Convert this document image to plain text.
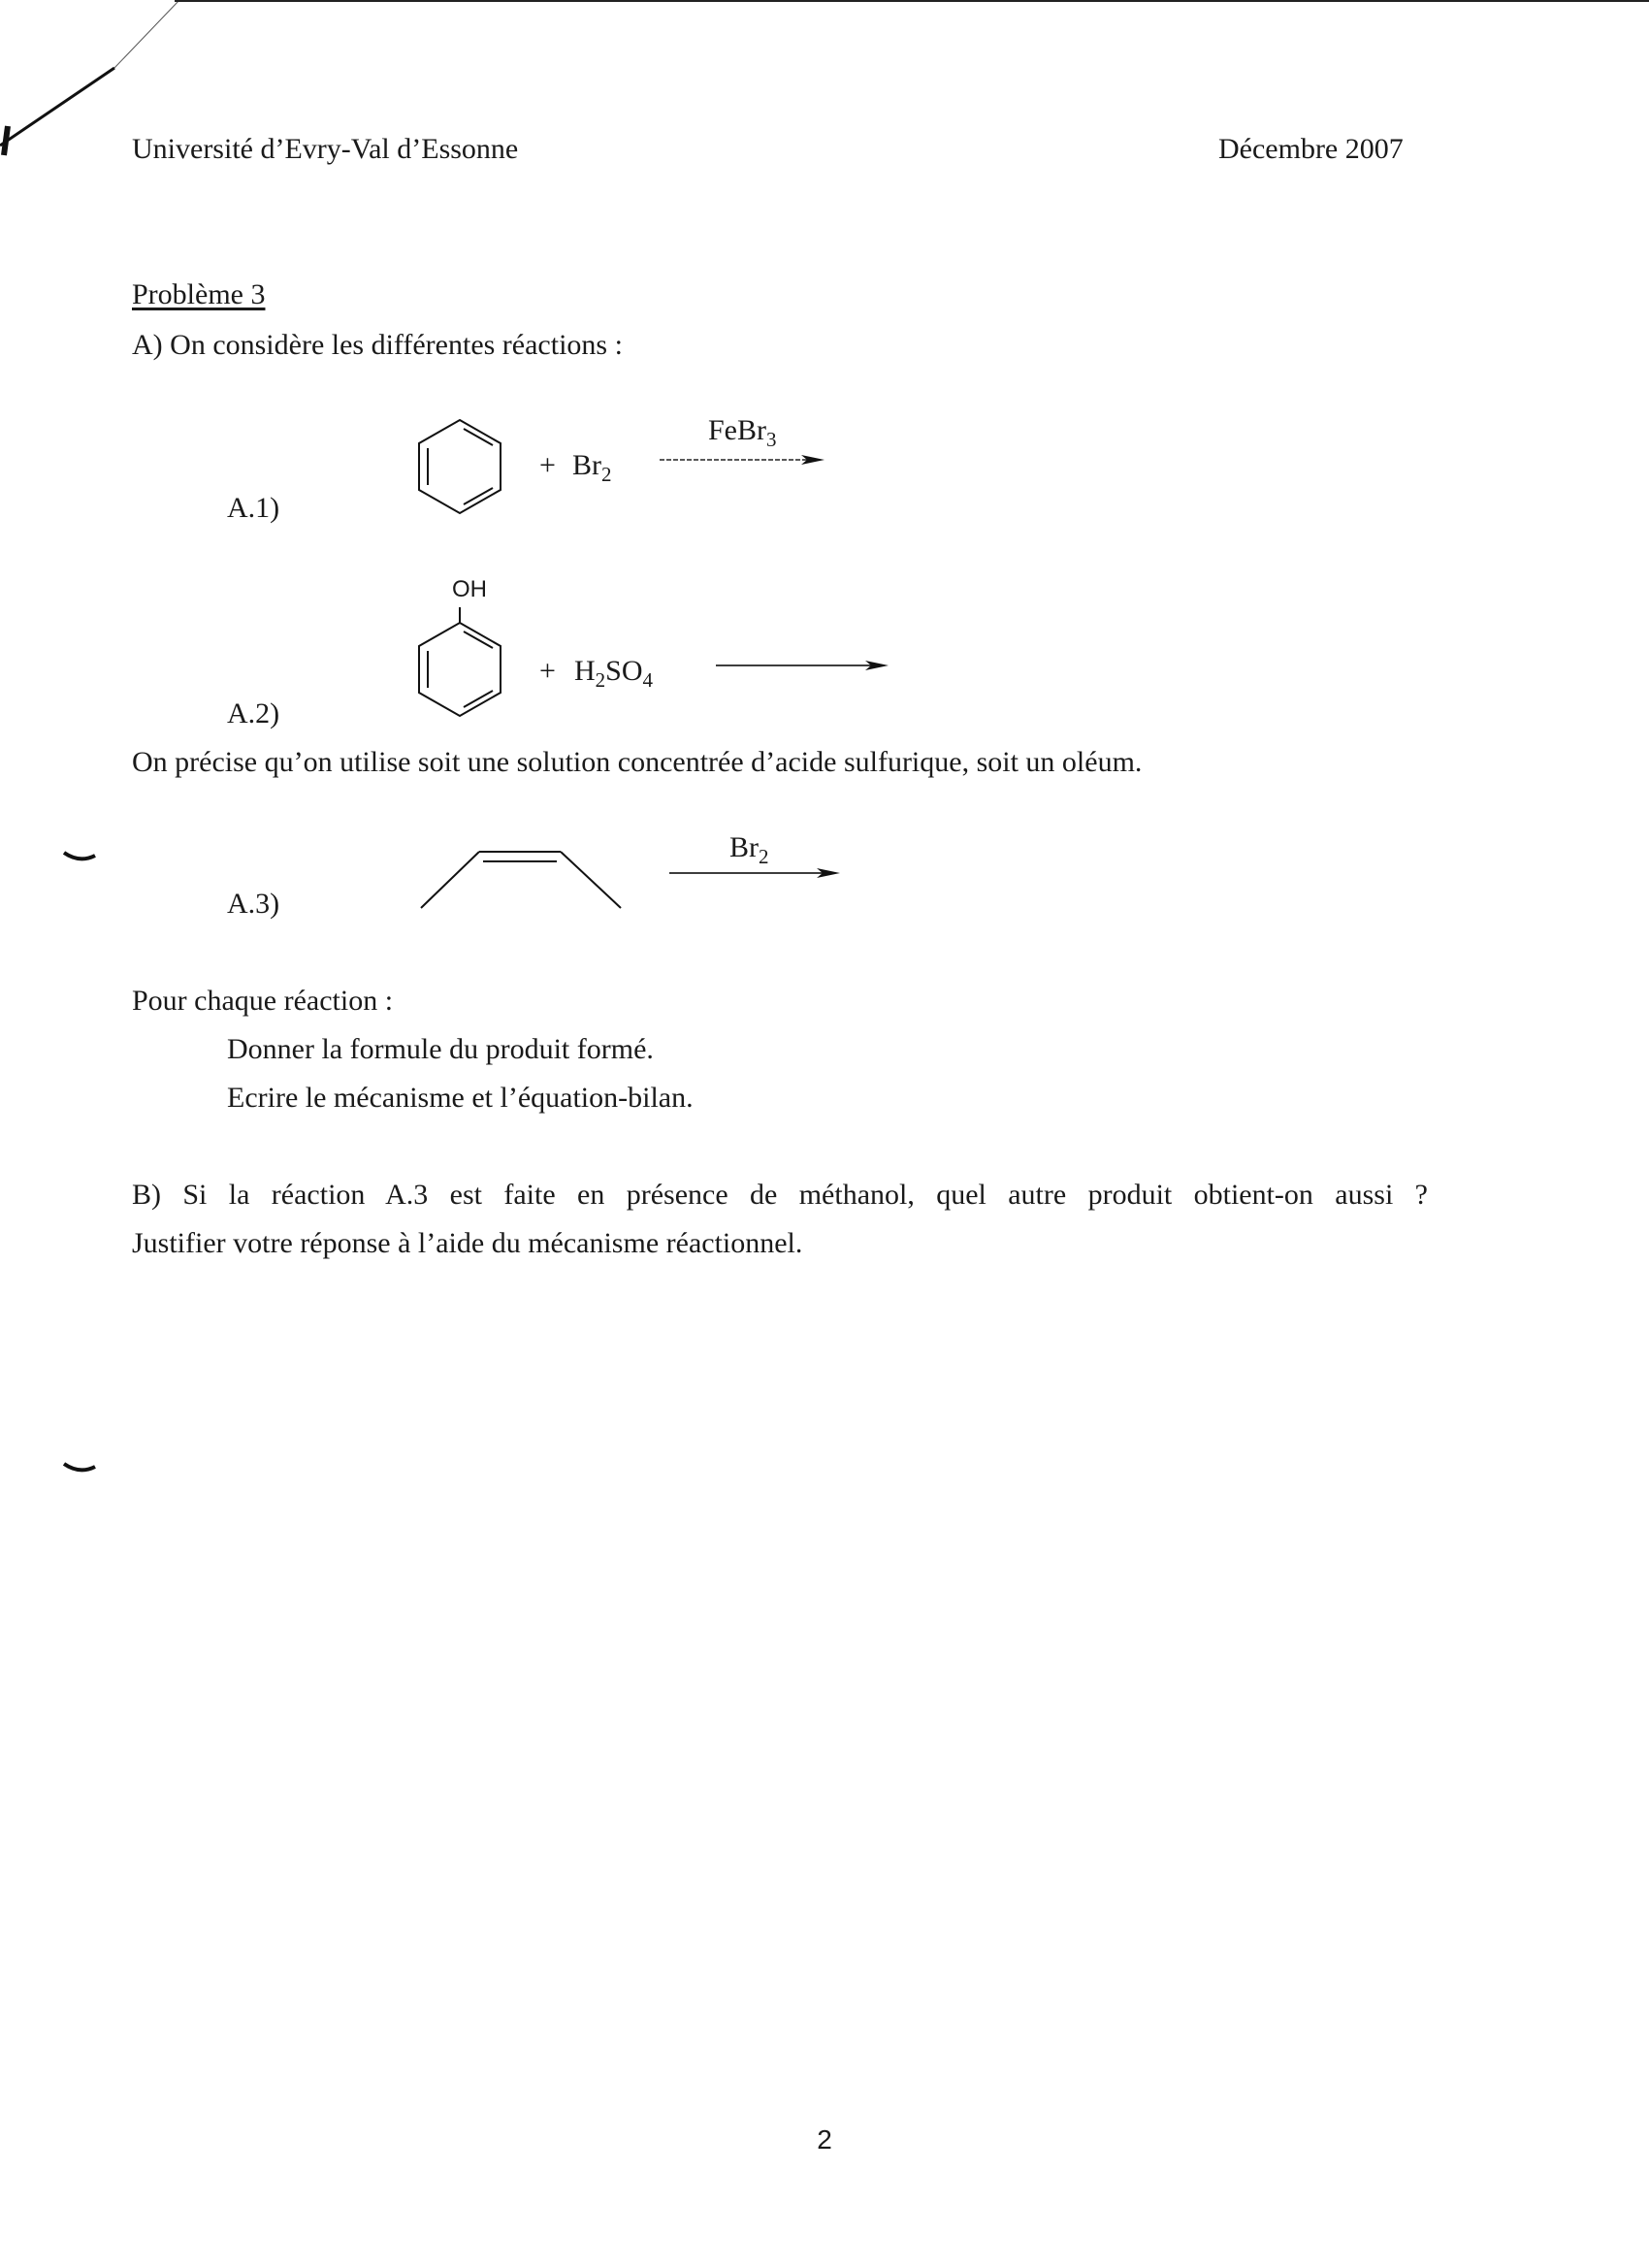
Université d’Evry-Val d’Essonne	Décembre 2007
Problème 3
A) On considère les différentes réactions :
A.1)
+ $Br_2$
FeBr$_3$
A.2)
OH
+ $H_2SO_4$
On précise qu’on utilise soit une solution concentrée d’acide sulfurique, soit un oléum.
A.3)
$Br_2$
Pour chaque réaction :
Donner la formule du produit formé.
Ecrire le mécanisme et l’équation-bilan.
B) Si la réaction A.3 est faite en présence de méthanol, quel autre produit obtient-on aussi ?
Justifier votre réponse à l’aide du mécanisme réactionnel.
2
